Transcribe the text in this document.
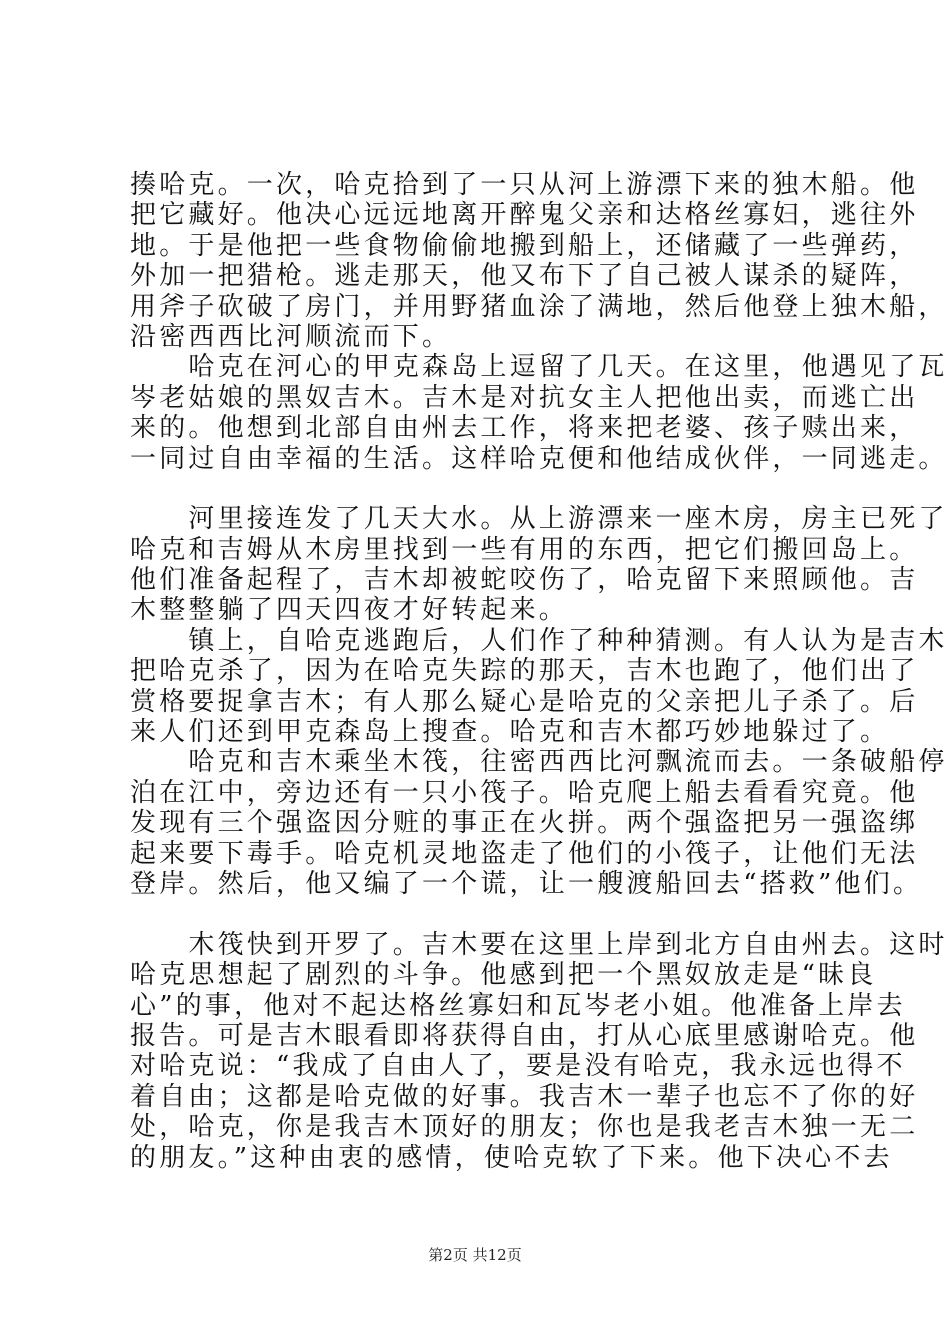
揍哈克。一次，哈克拾到了一只从河上游漂下来的独木船。他
把它藏好。他决心远远地离开醉鬼父亲和达格丝寡妇，逃往外
地。于是他把一些食物偷偷地搬到船上，还储藏了一些弹药，
外加一把猎枪。逃走那天，他又布下了自己被人谋杀的疑阵，
用斧子砍破了房门，并用野猪血涂了满地，然后他登上独木船，
沿密西西比河顺流而下。
　　哈克在河心的甲克森岛上逗留了几天。在这里，他遇见了瓦
岑老姑娘的黑奴吉木。吉木是对抗女主人把他出卖，而逃亡出
来的。他想到北部自由州去工作，将来把老婆、孩子赎出来，
一同过自由幸福的生活。这样哈克便和他结成伙伴，一同逃走。
　　河里接连发了几天大水。从上游漂来一座木房，房主已死了
哈克和吉姆从木房里找到一些有用的东西，把它们搬回岛上。
他们准备起程了，吉木却被蛇咬伤了，哈克留下来照顾他。吉
木整整躺了四天四夜才好转起来。
　　镇上，自哈克逃跑后，人们作了种种猜测。有人认为是吉木
把哈克杀了，因为在哈克失踪的那天，吉木也跑了，他们出了
赏格要捉拿吉木；有人那么疑心是哈克的父亲把儿子杀了。后
来人们还到甲克森岛上搜查。哈克和吉木都巧妙地躲过了。
　　哈克和吉木乘坐木筏，往密西西比河飘流而去。一条破船停
泊在江中，旁边还有一只小筏子。哈克爬上船去看看究竟。他
发现有三个强盗因分赃的事正在火拼。两个强盗把另一强盗绑
起来要下毒手。哈克机灵地盗走了他们的小筏子，让他们无法
登岸。然后，他又编了一个谎，让一艘渡船回去“搭救”他们。
　　木筏快到开罗了。吉木要在这里上岸到北方自由州去。这时
哈克思想起了剧烈的斗争。他感到把一个黑奴放走是“昧良
心”的事，他对不起达格丝寡妇和瓦岑老小姐。他准备上岸去
报告。可是吉木眼看即将获得自由，打从心底里感谢哈克。他
对哈克说：“我成了自由人了，要是没有哈克，我永远也得不
着自由；这都是哈克做的好事。我吉木一辈子也忘不了你的好
处，哈克，你是我吉木顶好的朋友；你也是我老吉木独一无二
的朋友。”这种由衷的感情，使哈克软了下来。他下决心不去
第2页 共12页
